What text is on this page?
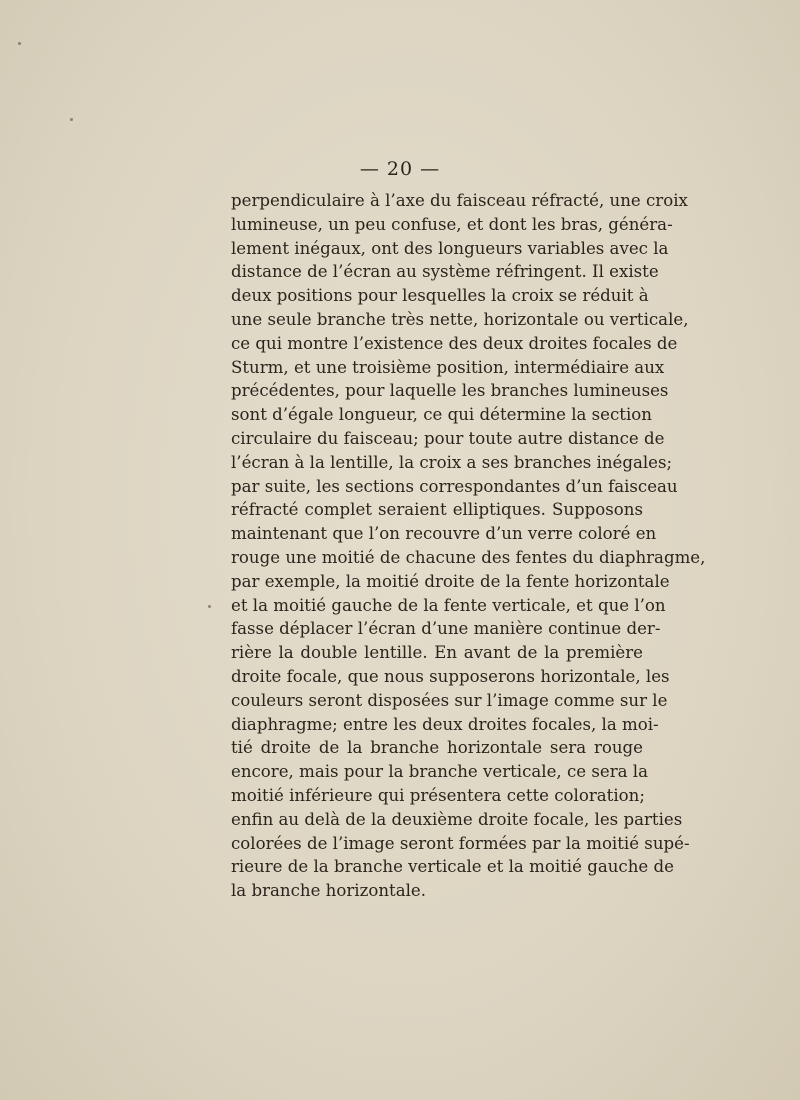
— 20 —
perpendiculaire à l’axe du faisceau réfracté, une croix
lumineuse, un peu confuse, et dont les bras, généra-
lement inégaux, ont des longueurs variables avec la
distance de l’écran au système réfringent. Il existe
deux positions pour lesquelles la croix se réduit à
une seule branche très nette, horizontale ou verticale,
ce qui montre l’existence des deux droites focales de
Sturm, et une troisième position, intermédiaire aux
précédentes, pour laquelle les branches lumineuses
sont d’égale longueur, ce qui détermine la section
circulaire du faisceau; pour toute autre distance de
l’écran à la lentille, la croix a ses branches inégales;
par suite, les sections correspondantes d’un faisceau
réfracté complet seraient elliptiques. Supposons
maintenant que l’on recouvre d’un verre coloré en
rouge une moitié de chacune des fentes du diaphragme,
par exemple, la moitié droite de la fente horizontale
et la moitié gauche de la fente verticale, et que l’on
fasse déplacer l’écran d’une manière continue der-
rière la double lentille. En avant de la première
droite focale, que nous supposerons horizontale, les
couleurs seront disposées sur l’image comme sur le
diaphragme; entre les deux droites focales, la moi-
tié droite de la branche horizontale sera rouge
encore, mais pour la branche verticale, ce sera la
moitié inférieure qui présentera cette coloration;
enfin au delà de la deuxième droite focale, les parties
colorées de l’image seront formées par la moitié supé-
rieure de la branche verticale et la moitié gauche de
la branche horizontale.
